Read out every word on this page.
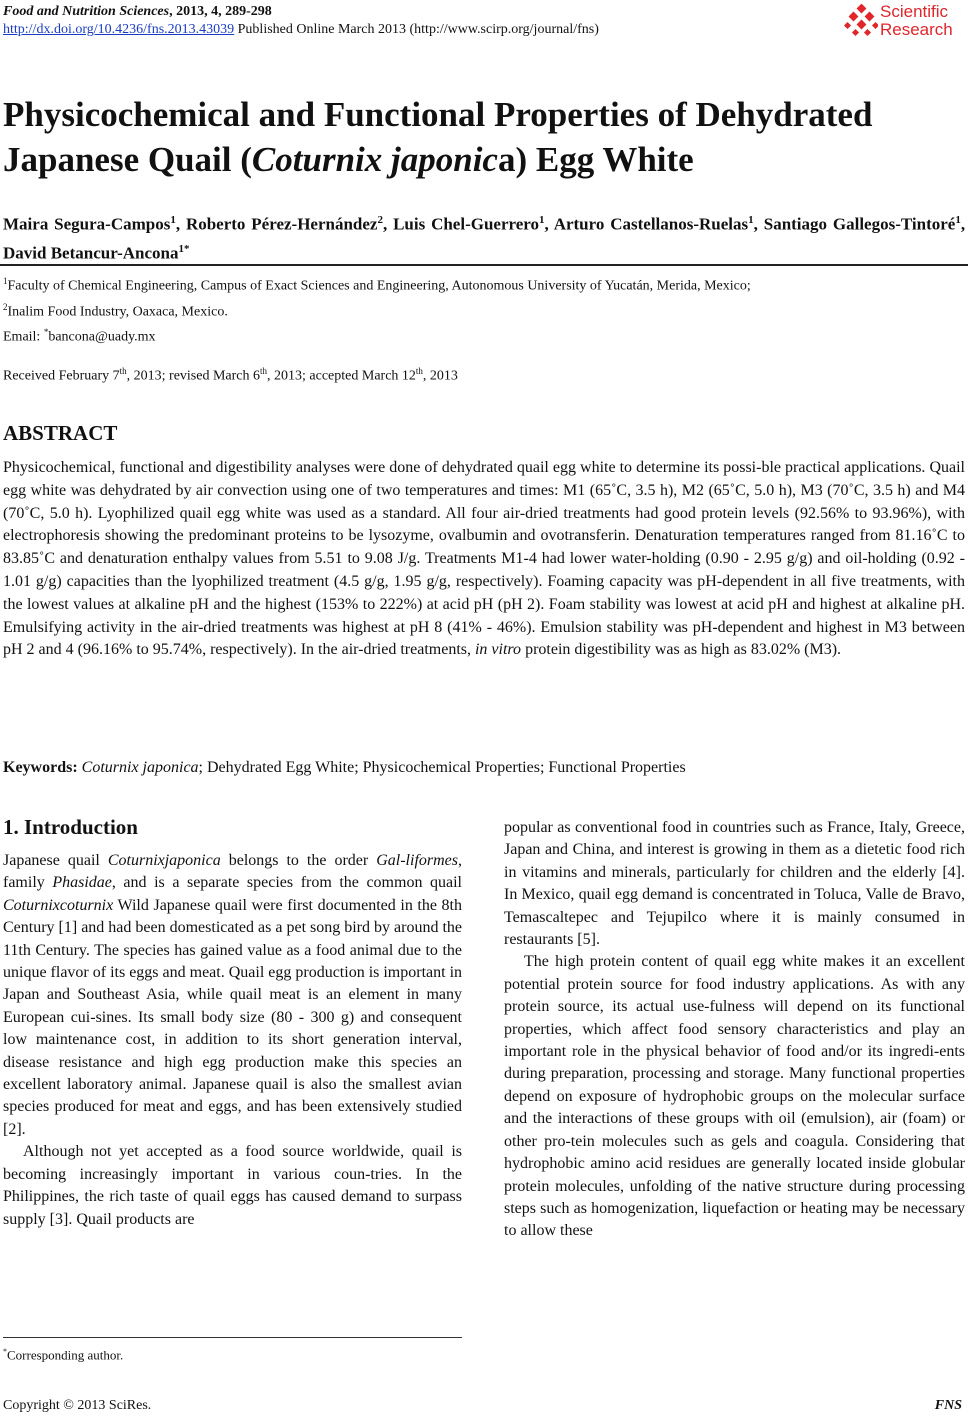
Food and Nutrition Sciences, 2013, 4, 289-298
http://dx.doi.org/10.4236/fns.2013.43039 Published Online March 2013 (http://www.scirp.org/journal/fns)
Scientific
Research
Physicochemical and Functional Properties of Dehydrated Japanese Quail (Coturnix japonica) Egg White
Maira Segura-Campos$^1$, Roberto Pérez-Hernández$^2$, Luis Chel-Guerrero$^1$, Arturo Castellanos-Ruelas$^1$, Santiago Gallegos-Tintoré$^1$, David Betancur-Ancona$^{1*}$
$^1$Faculty of Chemical Engineering, Campus of Exact Sciences and Engineering, Autonomous University of Yucatán, Merida, Mexico;
$^2$Inalim Food Industry, Oaxaca, Mexico.
Email: *bancona@uady.mx
Received February 7th, 2013; revised March 6th, 2013; accepted March 12th, 2013
ABSTRACT

Physicochemical, functional and digestibility analyses were done of dehydrated quail egg white to determine its possi-ble practical applications. Quail egg white was dehydrated by air convection using one of two temperatures and times: M1 (65˚C, 3.5 h), M2 (65˚C, 5.0 h), M3 (70˚C, 3.5 h) and M4 (70˚C, 5.0 h). Lyophilized quail egg white was used as a standard. All four air-dried treatments had good protein levels (92.56% to 93.96%), with electrophoresis showing the predominant proteins to be lysozyme, ovalbumin and ovotransferin. Denaturation temperatures ranged from 81.16˚C to 83.85˚C and denaturation enthalpy values from 5.51 to 9.08 J/g. Treatments M1-4 had lower water-holding (0.90 - 2.95 g/g) and oil-holding (0.92 - 1.01 g/g) capacities than the lyophilized treatment (4.5 g/g, 1.95 g/g, respectively). Foaming capacity was pH-dependent in all five treatments, with the lowest values at alkaline pH and the highest (153% to 222%) at acid pH (pH 2). Foam stability was lowest at acid pH and highest at alkaline pH. Emulsifying activity in the air-dried treatments was highest at pH 8 (41% - 46%). Emulsion stability was pH-dependent and highest in M3 between pH 2 and 4 (96.16% to 95.74%, respectively). In the air-dried treatments, in vitro protein digestibility was as high as 83.02% (M3).

Keywords: Coturnix japonica; Dehydrated Egg White; Physicochemical Properties; Functional Properties

1. Introduction

Japanese quail Coturnixjaponica belongs to the order Gal-liformes, family Phasidae, and is a separate species from the common quail Coturnixcoturnix Wild Japanese quail were first documented in the 8th Century [1] and had been domesticated as a pet song bird by around the 11th Century. The species has gained value as a food animal due to the unique flavor of its eggs and meat. Quail egg production is important in Japan and Southeast Asia, while quail meat is an element in many European cui-sines. Its small body size (80 - 300 g) and consequent low maintenance cost, in addition to its short generation interval, disease resistance and high egg production make this species an excellent laboratory animal. Japanese quail is also the smallest avian species produced for meat and eggs, and has been extensively studied [2].

Although not yet accepted as a food source worldwide, quail is becoming increasingly important in various coun-tries. In the Philippines, the rich taste of quail eggs has caused demand to surpass supply [3]. Quail products are

popular as conventional food in countries such as France, Italy, Greece, Japan and China, and interest is growing in them as a dietetic food rich in vitamins and minerals, particularly for children and the elderly [4]. In Mexico, quail egg demand is concentrated in Toluca, Valle de Bravo, Temascaltepec and Tejupilco where it is mainly consumed in restaurants [5].

The high protein content of quail egg white makes it an excellent potential protein source for food industry applications. As with any protein source, its actual use-fulness will depend on its functional properties, which affect food sensory characteristics and play an important role in the physical behavior of food and/or its ingredi-ents during preparation, processing and storage. Many functional properties depend on exposure of hydrophobic groups on the molecular surface and the interactions of these groups with oil (emulsion), air (foam) or other pro-tein molecules such as gels and coagula. Considering that hydrophobic amino acid residues are generally located inside globular protein molecules, unfolding of the native structure during processing steps such as homogenization, liquefaction or heating may be necessary to allow these

*Corresponding author.
Copyright © 2013 SciRes.	FNS
